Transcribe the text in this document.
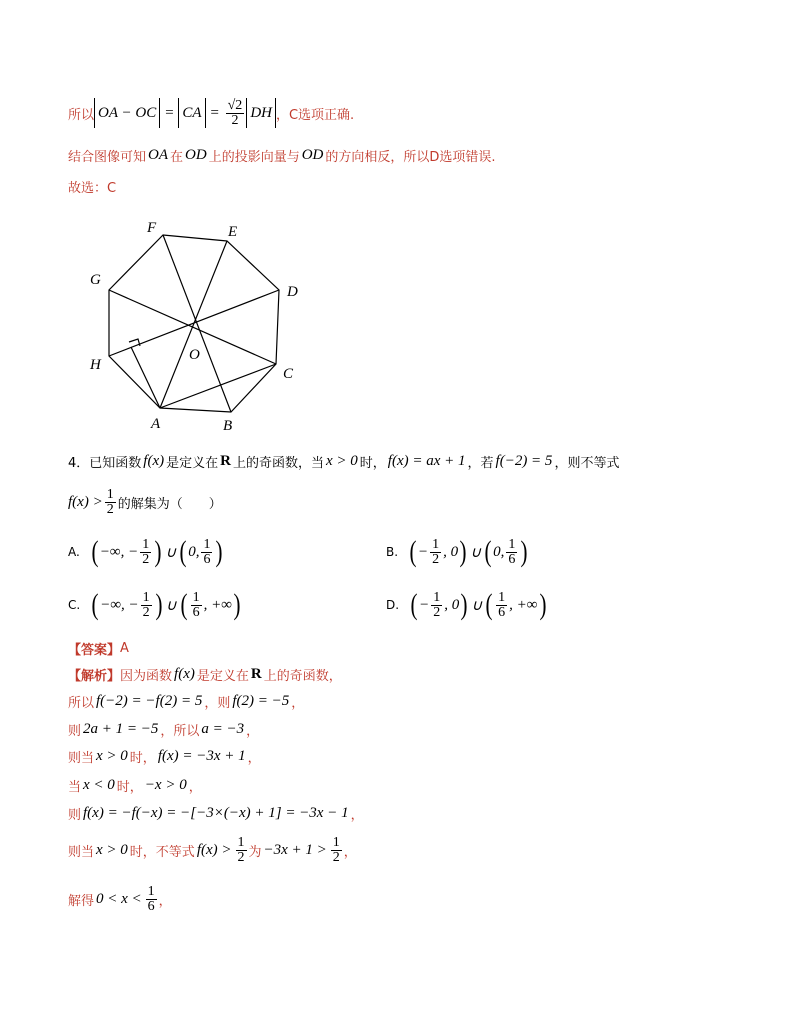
所以 OA − OC = CA = $\frac{√2}{2}$ DH ，C选项正确.
结合图像可知 OA 在 OD 上的投影向量与 OD 的方向相反，所以D选项错误.
故选：C
F	E
D
C
B
A
H
G
O
4． 已知函数 f(x) 是定义在 R 上的奇函数，当 x > 0 时， f(x) = ax + 1 ，若 f(−2) = 5 ，则不等式
$f(x) > \frac{1}{2}$ 的解集为（　　）
A. ( −∞, − $\frac{1}{2}$ ) ∪ ( 0, $\frac{1}{6}$ )	B. ( − $\frac{1}{2}$ , 0 ) ∪ ( 0, $\frac{1}{6}$ )
C. ( −∞, − $\frac{1}{2}$ ) ∪ ( $\frac{1}{6}$ , +∞ )	D. ( − $\frac{1}{2}$ , 0 ) ∪ ( $\frac{1}{6}$ , +∞ )
【答案】 A
【解析】 因为函数 f(x) 是定义在 R 上的奇函数，
所以 f(−2) = −f(2) = 5 ，则 f(2) = −5 ，
则 2a + 1 = −5 ，所以 a = −3 ，
则当 x > 0 时， f(x) = −3x + 1 ，
当 x < 0 时， −x > 0 ，
则 f(x) = −f(−x) = −[−3×(−x) + 1] = −3x − 1 ，
则当 x > 0 时，不等式 $f(x) > \frac{1}{2}$ 为 $-3x + 1 > \frac{1}{2}$ ，
解得 $0 < x < \frac{1}{6}$ ，
